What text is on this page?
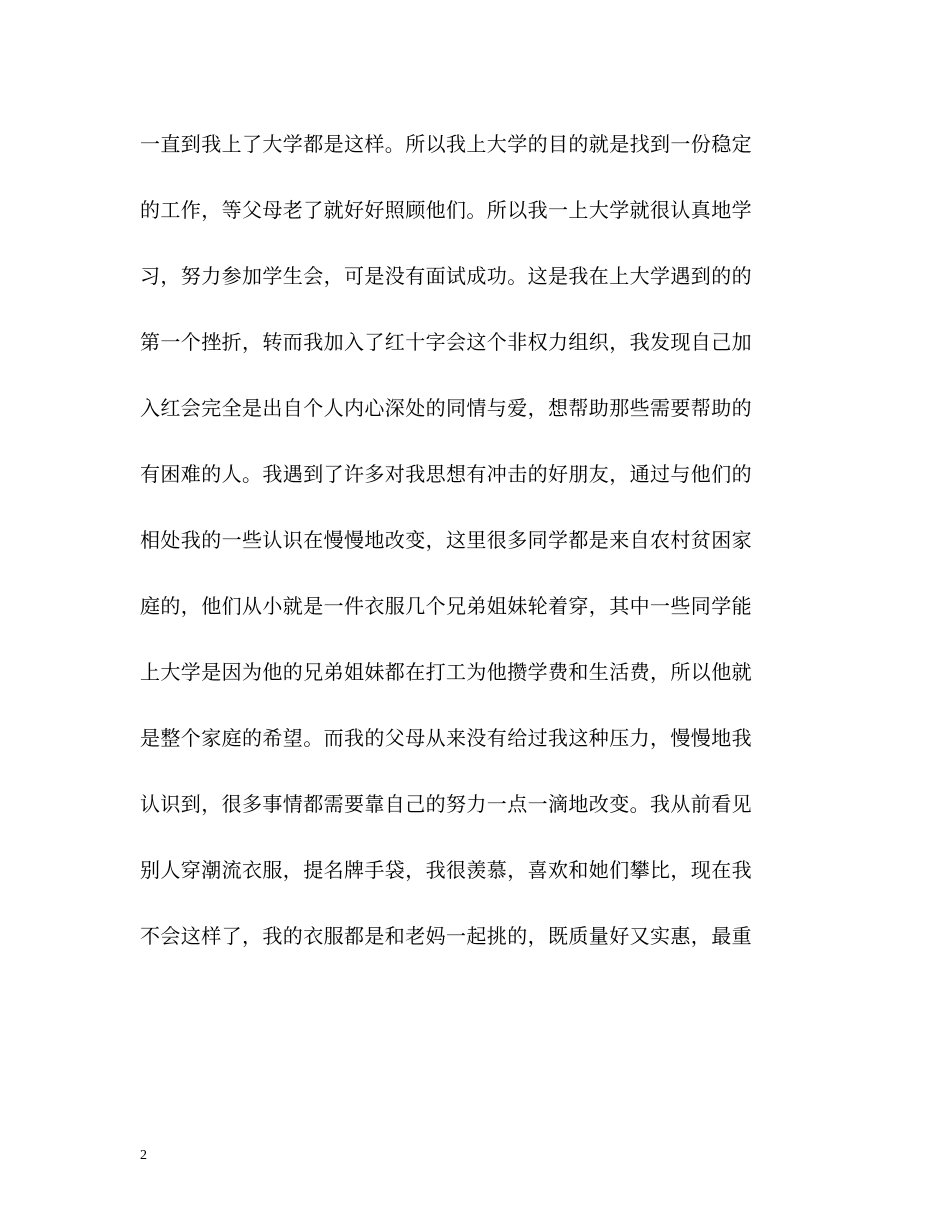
一直到我上了大学都是这样。所以我上大学的目的就是找到一份稳定
的工作，等父母老了就好好照顾他们。所以我一上大学就很认真地学
习，努力参加学生会，可是没有面试成功。这是我在上大学遇到的的
第一个挫折，转而我加入了红十字会这个非权力组织，我发现自己加
入红会完全是出自个人内心深处的同情与爱，想帮助那些需要帮助的
有困难的人。我遇到了许多对我思想有冲击的好朋友，通过与他们的
相处我的一些认识在慢慢地改变，这里很多同学都是来自农村贫困家
庭的，他们从小就是一件衣服几个兄弟姐妹轮着穿，其中一些同学能
上大学是因为他的兄弟姐妹都在打工为他攒学费和生活费，所以他就
是整个家庭的希望。而我的父母从来没有给过我这种压力，慢慢地我
认识到，很多事情都需要靠自己的努力一点一滴地改变。我从前看见
别人穿潮流衣服，提名牌手袋，我很羡慕，喜欢和她们攀比，现在我
不会这样了，我的衣服都是和老妈一起挑的，既质量好又实惠，最重
2
